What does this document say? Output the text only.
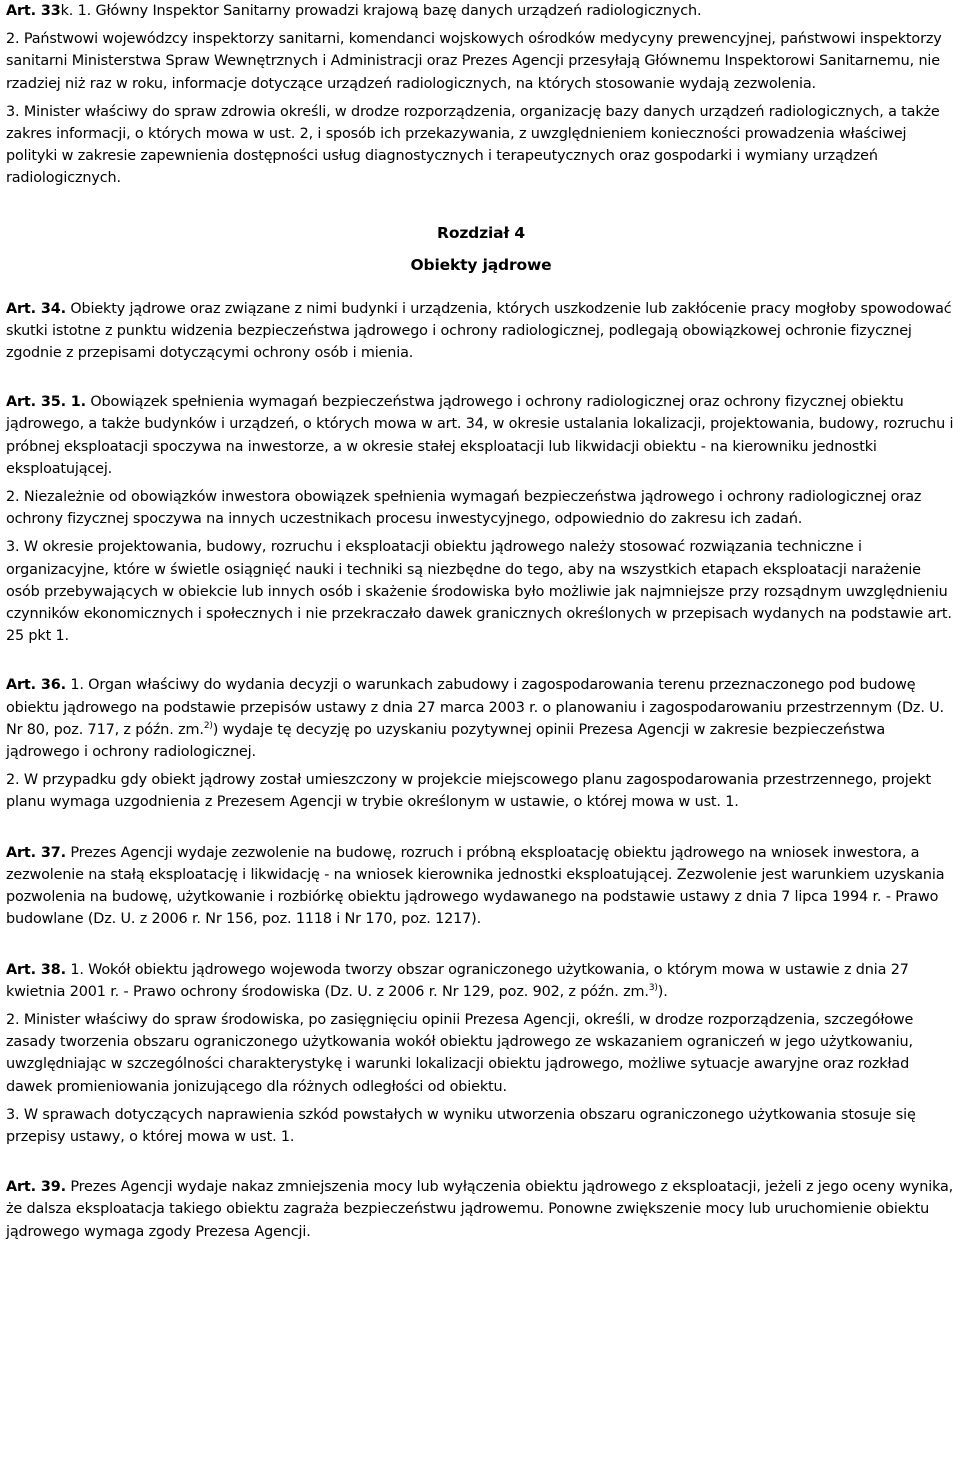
Art. 33k. 1. Główny Inspektor Sanitarny prowadzi krajową bazę danych urządzeń radiologicznych.

2. Państwowi wojewódzcy inspektorzy sanitarni, komendanci wojskowych ośrodków medycyny prewencyjnej, państwowi inspektorzy sanitarni Ministerstwa Spraw Wewnętrznych i Administracji oraz Prezes Agencji przesyłają Głównemu Inspektorowi Sanitarnemu, nie rzadziej niż raz w roku, informacje dotyczące urządzeń radiologicznych, na których stosowanie wydają zezwolenia.

3. Minister właściwy do spraw zdrowia określi, w drodze rozporządzenia, organizację bazy danych urządzeń radiologicznych, a także zakres informacji, o których mowa w ust. 2, i sposób ich przekazywania, z uwzględnieniem konieczności prowadzenia właściwej polityki w zakresie zapewnienia dostępności usług diagnostycznych i terapeutycznych oraz gospodarki i wymiany urządzeń radiologicznych.

Rozdział 4

Obiekty jądrowe

Art. 34. Obiekty jądrowe oraz związane z nimi budynki i urządzenia, których uszkodzenie lub zakłócenie pracy mogłoby spowodować skutki istotne z punktu widzenia bezpieczeństwa jądrowego i ochrony radiologicznej, podlegają obowiązkowej ochronie fizycznej zgodnie z przepisami dotyczącymi ochrony osób i mienia.

Art. 35. 1. Obowiązek spełnienia wymagań bezpieczeństwa jądrowego i ochrony radiologicznej oraz ochrony fizycznej obiektu jądrowego, a także budynków i urządzeń, o których mowa w art. 34, w okresie ustalania lokalizacji, projektowania, budowy, rozruchu i próbnej eksploatacji spoczywa na inwestorze, a w okresie stałej eksploatacji lub likwidacji obiektu - na kierowniku jednostki eksploatującej.

2. Niezależnie od obowiązków inwestora obowiązek spełnienia wymagań bezpieczeństwa jądrowego i ochrony radiologicznej oraz ochrony fizycznej spoczywa na innych uczestnikach procesu inwestycyjnego, odpowiednio do zakresu ich zadań.

3. W okresie projektowania, budowy, rozruchu i eksploatacji obiektu jądrowego należy stosować rozwiązania techniczne i organizacyjne, które w świetle osiągnięć nauki i techniki są niezbędne do tego, aby na wszystkich etapach eksploatacji narażenie osób przebywających w obiekcie lub innych osób i skażenie środowiska było możliwie jak najmniejsze przy rozsądnym uwzględnieniu czynników ekonomicznych i społecznych i nie przekraczało dawek granicznych określonych w przepisach wydanych na podstawie art. 25 pkt 1.

Art. 36. 1. Organ właściwy do wydania decyzji o warunkach zabudowy i zagospodarowania terenu przeznaczonego pod budowę obiektu jądrowego na podstawie przepisów ustawy z dnia 27 marca 2003 r. o planowaniu i zagospodarowaniu przestrzennym (Dz. U. Nr 80, poz. 717, z późn. zm.$^{2)}$) wydaje tę decyzję po uzyskaniu pozytywnej opinii Prezesa Agencji w zakresie bezpieczeństwa jądrowego i ochrony radiologicznej.

2. W przypadku gdy obiekt jądrowy został umieszczony w projekcie miejscowego planu zagospodarowania przestrzennego, projekt planu wymaga uzgodnienia z Prezesem Agencji w trybie określonym w ustawie, o której mowa w ust. 1.

Art. 37. Prezes Agencji wydaje zezwolenie na budowę, rozruch i próbną eksploatację obiektu jądrowego na wniosek inwestora, a zezwolenie na stałą eksploatację i likwidację - na wniosek kierownika jednostki eksploatującej. Zezwolenie jest warunkiem uzyskania pozwolenia na budowę, użytkowanie i rozbiórkę obiektu jądrowego wydawanego na podstawie ustawy z dnia 7 lipca 1994 r. - Prawo budowlane (Dz. U. z 2006 r. Nr 156, poz. 1118 i Nr 170, poz. 1217).

Art. 38. 1. Wokół obiektu jądrowego wojewoda tworzy obszar ograniczonego użytkowania, o którym mowa w ustawie z dnia 27 kwietnia 2001 r. - Prawo ochrony środowiska (Dz. U. z 2006 r. Nr 129, poz. 902, z późn. zm.$^{3)}$).

2. Minister właściwy do spraw środowiska, po zasięgnięciu opinii Prezesa Agencji, określi, w drodze rozporządzenia, szczegółowe zasady tworzenia obszaru ograniczonego użytkowania wokół obiektu jądrowego ze wskazaniem ograniczeń w jego użytkowaniu, uwzględniając w szczególności charakterystykę i warunki lokalizacji obiektu jądrowego, możliwe sytuacje awaryjne oraz rozkład dawek promieniowania jonizującego dla różnych odległości od obiektu.

3. W sprawach dotyczących naprawienia szkód powstałych w wyniku utworzenia obszaru ograniczonego użytkowania stosuje się przepisy ustawy, o której mowa w ust. 1.

Art. 39. Prezes Agencji wydaje nakaz zmniejszenia mocy lub wyłączenia obiektu jądrowego z eksploatacji, jeżeli z jego oceny wynika, że dalsza eksploatacja takiego obiektu zagraża bezpieczeństwu jądrowemu. Ponowne zwiększenie mocy lub uruchomienie obiektu jądrowego wymaga zgody Prezesa Agencji.
